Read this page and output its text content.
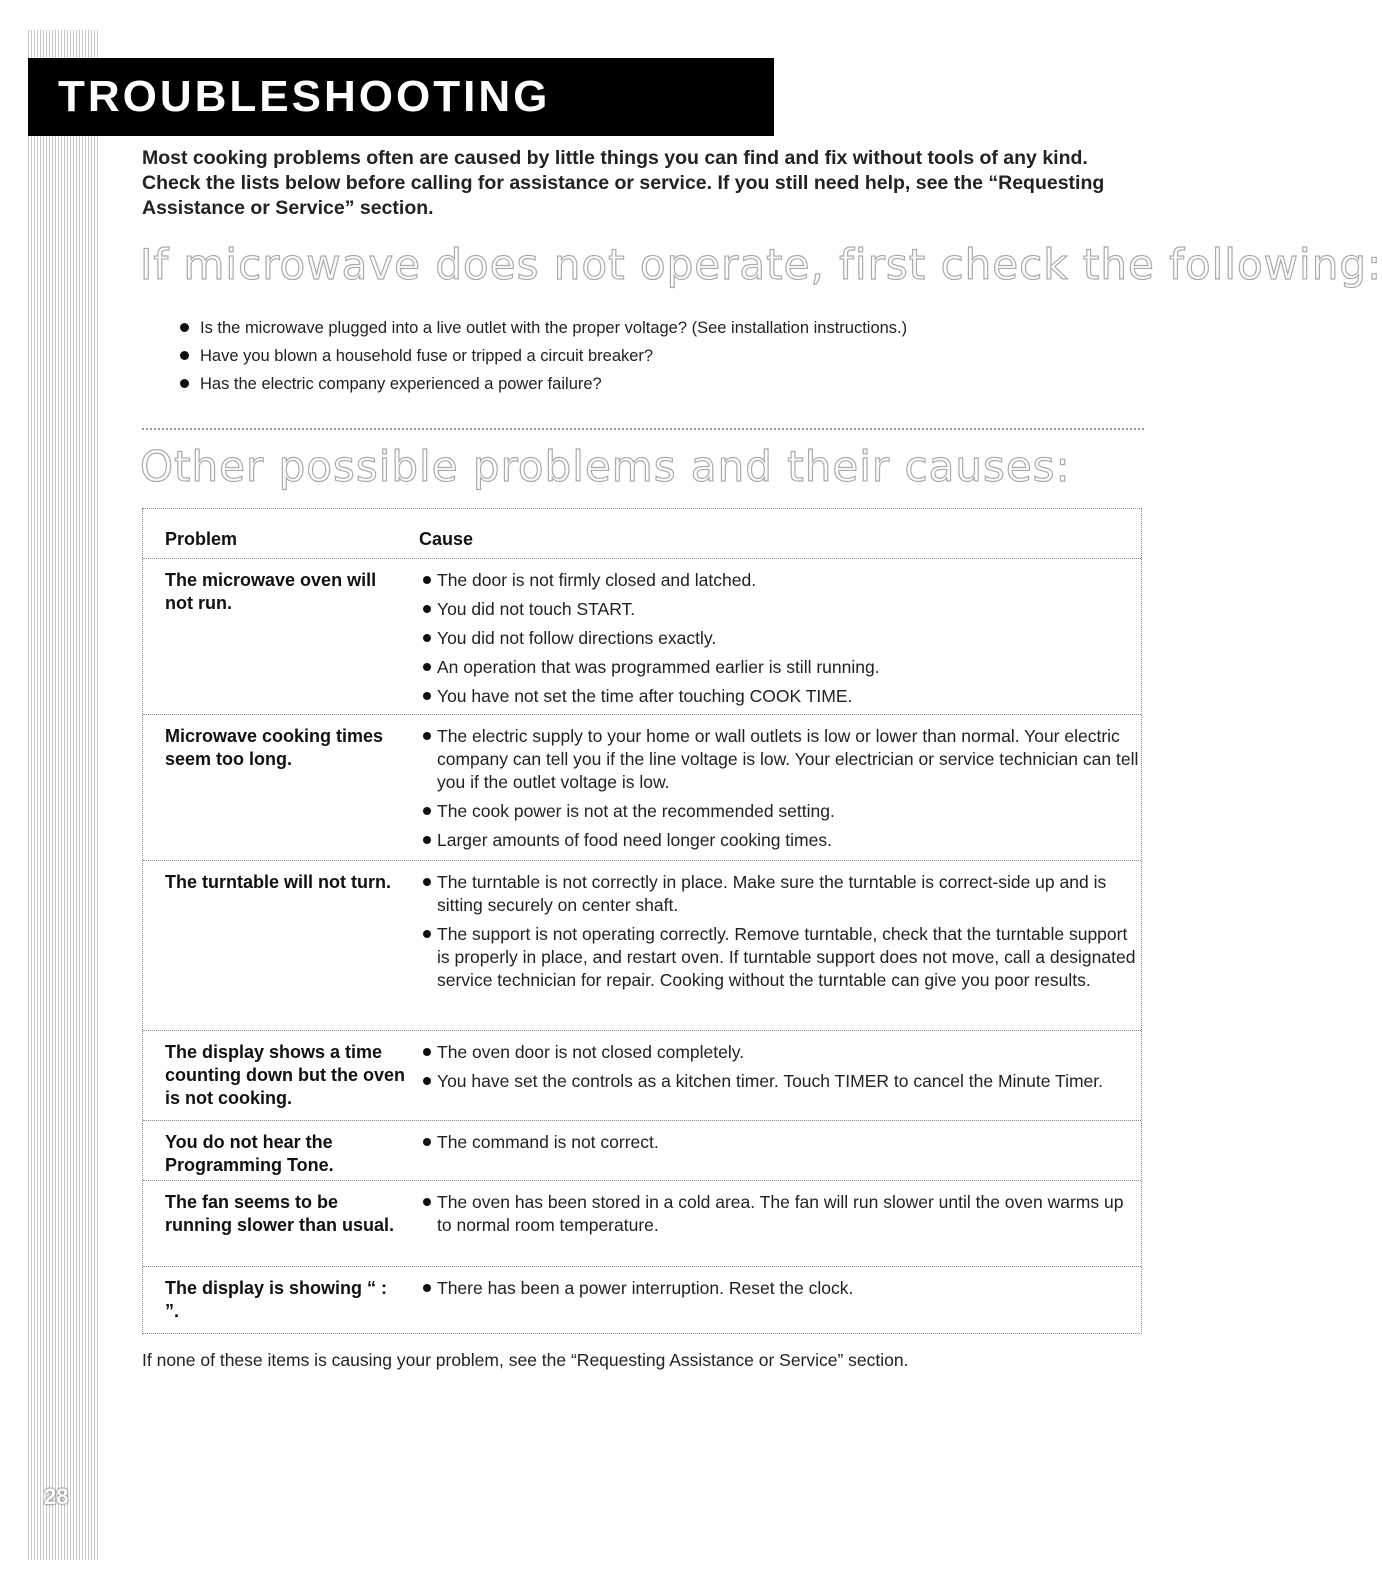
28
TROUBLESHOOTING
Most cooking problems often are caused by little things you can find and fix without tools of any kind. Check the lists below before calling for assistance or service. If you still need help, see the “Requesting Assistance or Service” section.
If microwave does not operate, first check the following:
Is the microwave plugged into a live outlet with the proper voltage? (See installation instructions.)
Have you blown a household fuse or tripped a circuit breaker?
Has the electric company experienced a power failure?
Other possible problems and their causes:
Problem	Cause
The microwave oven will not run.
The door is not firmly closed and latched.
You did not touch START.
You did not follow directions exactly.
An operation that was programmed earlier is still running.
You have not set the time after touching COOK TIME.
Microwave cooking times seem too long.
The electric supply to your home or wall outlets is low or lower than normal. Your electric company can tell you if the line voltage is low. Your electrician or service technician can tell you if the outlet voltage is low.
The cook power is not at the recommended setting.
Larger amounts of food need longer cooking times.
The turntable will not turn.	The turntable is not correctly in place. Make sure the turntable is correct-side up and is sitting securely on center shaft.
The support is not operating correctly. Remove turntable, check that the turntable support is properly in place, and restart oven. If turntable support does not move, call a designated service technician for repair. Cooking without the turntable can give you poor results.
The display shows a time counting down but the oven is not cooking.
The oven door is not closed completely.
You have set the controls as a kitchen timer. Touch TIMER to cancel the Minute Timer.
You do not hear the Programming Tone.
The command is not correct.
The fan seems to be running slower than usual.
The oven has been stored in a cold area. The fan will run slower until the oven warms up to normal room temperature.
The display is showing “ : ”.
There has been a power interruption. Reset the clock.
If none of these items is causing your problem, see the “Requesting Assistance or Service” section.
